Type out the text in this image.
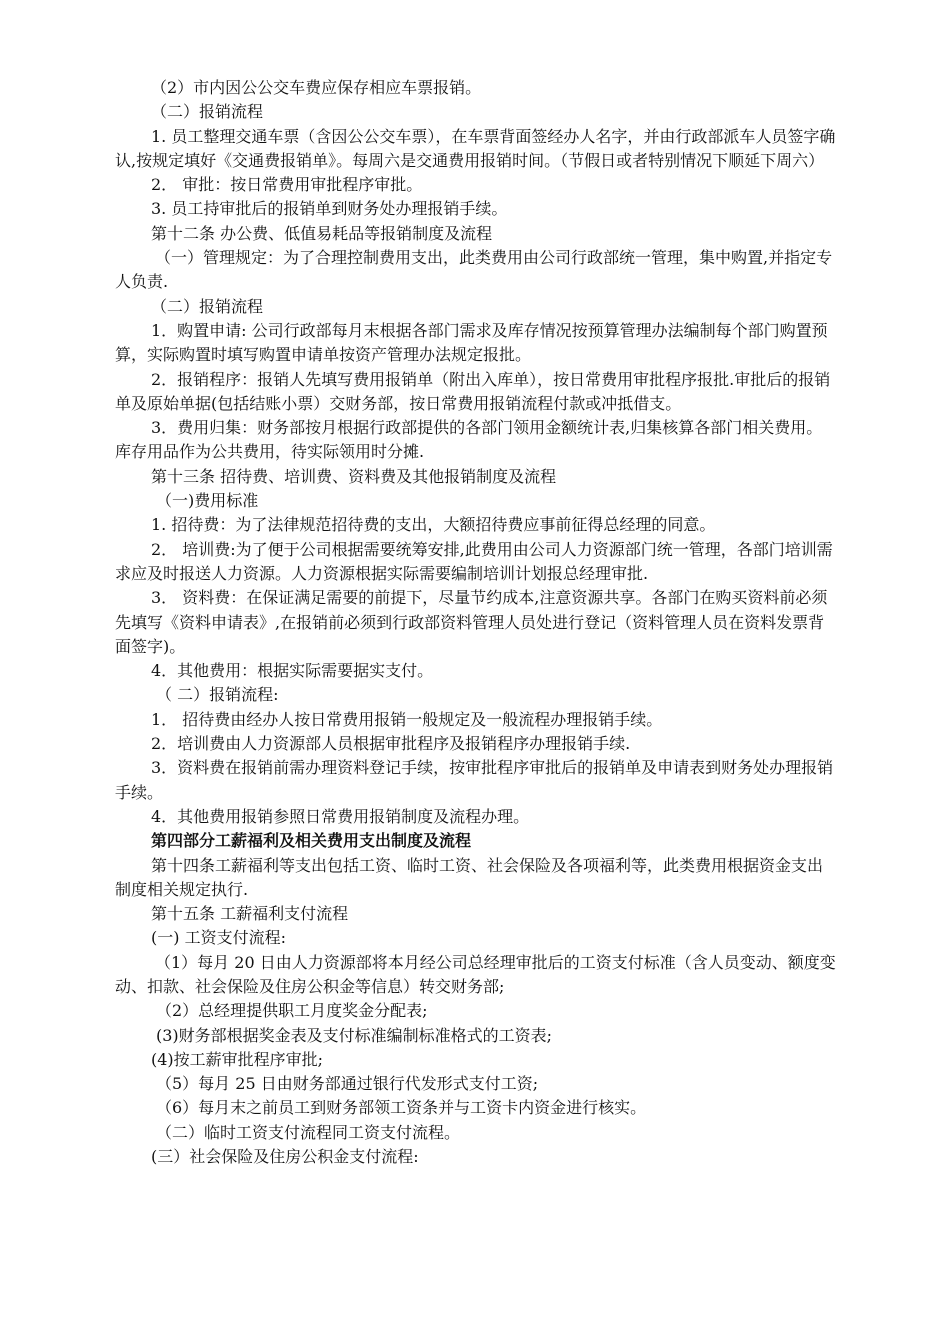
（2）市内因公公交车费应保存相应车票报销。

（二）报销流程

1. 员工整理交通车票（含因公公交车票），在车票背面签经办人名字，并由行政部派车人员签字确认,按规定填好《交通费报销单》。每周六是交通费用报销时间。（节假日或者特别情况下顺延下周六）

2． 审批：按日常费用审批程序审批。

3. 员工持审批后的报销单到财务处办理报销手续。

第十二条 办公费、低值易耗品等报销制度及流程

（一）管理规定：为了合理控制费用支出，此类费用由公司行政部统一管理，集中购置,并指定专人负责.

（二）报销流程

1．购置申请: 公司行政部每月末根据各部门需求及库存情况按预算管理办法编制每个部门购置预算，实际购置时填写购置申请单按资产管理办法规定报批。

2．报销程序：报销人先填写费用报销单（附出入库单），按日常费用审批程序报批.审批后的报销单及原始单据(包括结账小票）交财务部，按日常费用报销流程付款或冲抵借支。

3．费用归集：财务部按月根据行政部提供的各部门领用金额统计表,归集核算各部门相关费用。库存用品作为公共费用，待实际领用时分摊.

第十三条 招待费、培训费、资料费及其他报销制度及流程

（一)费用标准

1. 招待费：为了法律规范招待费的支出，大额招待费应事前征得总经理的同意。

2． 培训费:为了便于公司根据需要统筹安排,此费用由公司人力资源部门统一管理，各部门培训需求应及时报送人力资源。人力资源根据实际需要编制培训计划报总经理审批.

3． 资料费：在保证满足需要的前提下，尽量节约成本,注意资源共享。各部门在购买资料前必须先填写《资料申请表》,在报销前必须到行政部资料管理人员处进行登记（资料管理人员在资料发票背面签字)。

4．其他费用：根据实际需要据实支付。

（ 二）报销流程:

1． 招待费由经办人按日常费用报销一般规定及一般流程办理报销手续。

2．培训费由人力资源部人员根据审批程序及报销程序办理报销手续.

3．资料费在报销前需办理资料登记手续，按审批程序审批后的报销单及申请表到财务处办理报销手续。

4．其他费用报销参照日常费用报销制度及流程办理。

第四部分工薪福利及相关费用支出制度及流程

第十四条工薪福利等支出包括工资、临时工资、社会保险及各项福利等，此类费用根据资金支出制度相关规定执行.

第十五条 工薪福利支付流程

(一) 工资支付流程:

（1）每月 20 日由人力资源部将本月经公司总经理审批后的工资支付标准（含人员变动、额度变动、扣款、社会保险及住房公积金等信息）转交财务部;

（2）总经理提供职工月度奖金分配表;

(3)财务部根据奖金表及支付标准编制标准格式的工资表;

(4)按工薪审批程序审批;

（5）每月 25 日由财务部通过银行代发形式支付工资;

（6）每月末之前员工到财务部领工资条并与工资卡内资金进行核实。

（二）临时工资支付流程同工资支付流程。

(三）社会保险及住房公积金支付流程:
